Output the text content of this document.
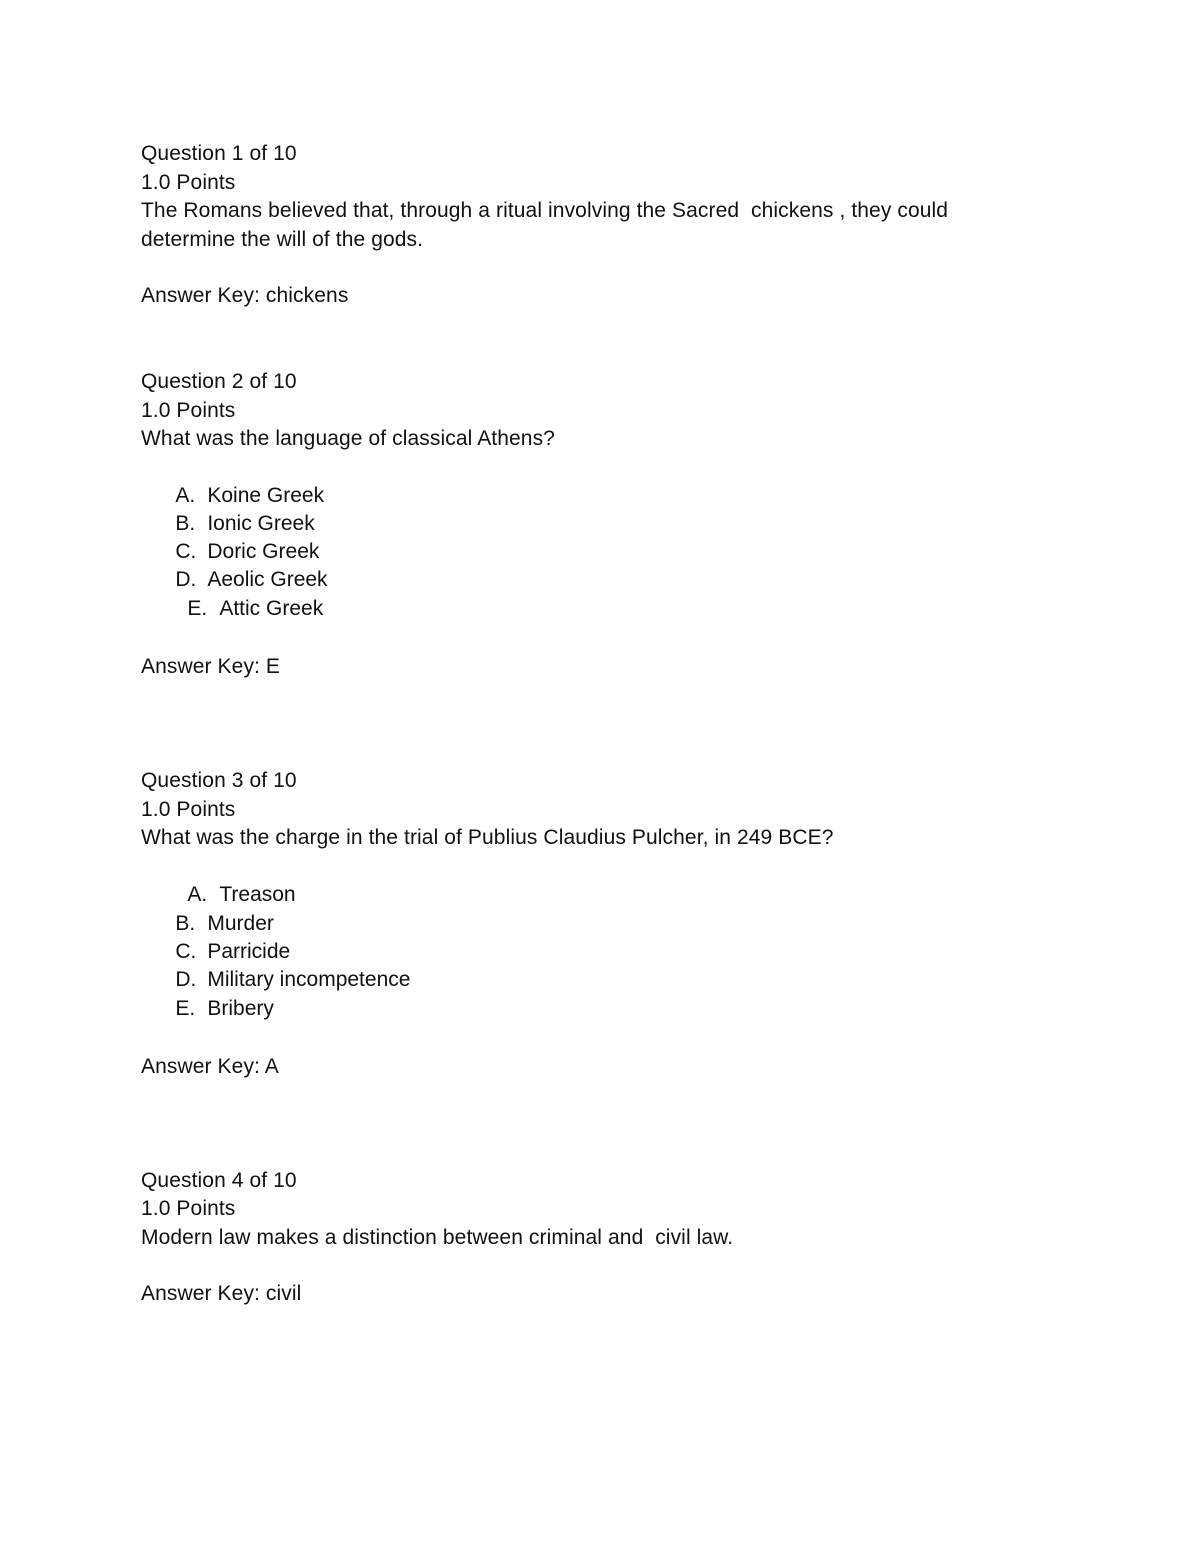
Question 1 of 10
1.0 Points
The Romans believed that, through a ritual involving the Sacred  chickens , they could
determine the will of the gods.
Answer Key: chickens
Question 2 of 10
1.0 Points
What was the language of classical Athens?

A. Koine Greek

B. Ionic Greek

C. Doric Greek

D. Aeolic Greek

E. Attic Greek

Answer Key: E
Question 3 of 10
1.0 Points
What was the charge in the trial of Publius Claudius Pulcher, in 249 BCE?

A. Treason

B. Murder

C. Parricide

D. Military incompetence

E. Bribery

Answer Key: A
Question 4 of 10
1.0 Points
Modern law makes a distinction between criminal and  civil law.
Answer Key: civil
